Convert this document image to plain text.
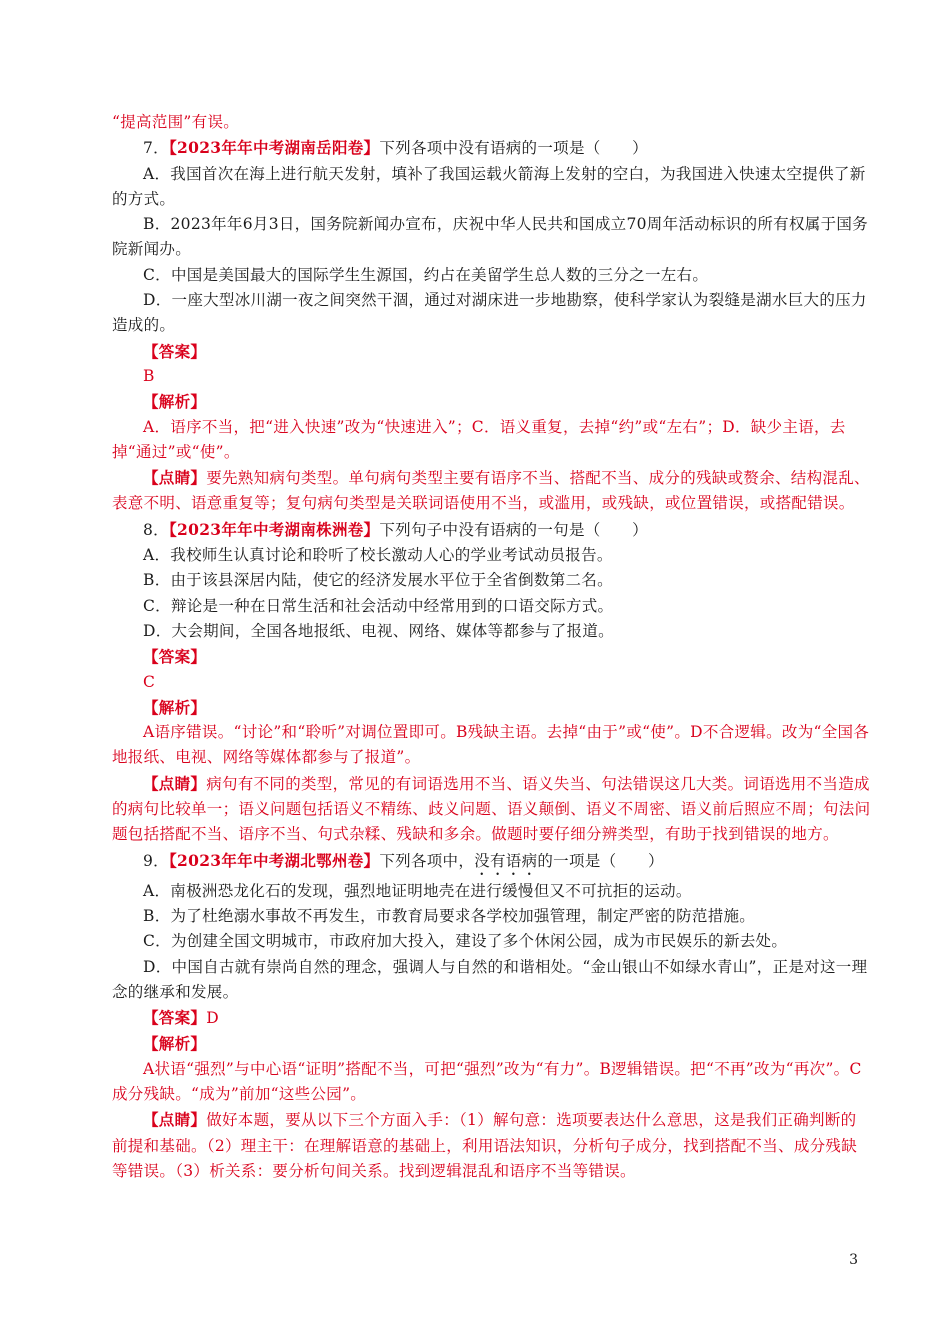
“提高范围”有误。

7．【2023年年中考湖南岳阳卷】下列各项中没有语病的一项是（　　）

A．我国首次在海上进行航天发射，填补了我国运载火箭海上发射的空白，为我国进入快速太空提供了新的方式。

B．2023年年6月3日，国务院新闻办宣布，庆祝中华人民共和国成立70周年活动标识的所有权属于国务院新闻办。

C．中国是美国最大的国际学生生源国，约占在美留学生总人数的三分之一左右。

D．一座大型冰川湖一夜之间突然干涸，通过对湖床进一步地勘察，使科学家认为裂缝是湖水巨大的压力造成的。

【答案】

B

【解析】

A．语序不当，把“进入快速”改为“快速进入”；C．语义重复，去掉“约”或“左右”；D．缺少主语，去掉“通过”或“使”。

【点睛】要先熟知病句类型。单句病句类型主要有语序不当、搭配不当、成分的残缺或赘余、结构混乱、表意不明、语意重复等；复句病句类型是关联词语使用不当，或滥用，或残缺，或位置错误，或搭配错误。

8．【2023年年中考湖南株洲卷】下列句子中没有语病的一句是（　　）

A．我校师生认真讨论和聆听了校长激动人心的学业考试动员报告。

B．由于该县深居内陆，使它的经济发展水平位于全省倒数第二名。

C．辩论是一种在日常生活和社会活动中经常用到的口语交际方式。

D．大会期间，全国各地报纸、电视、网络、媒体等都参与了报道。

【答案】

C

【解析】

A语序错误。“讨论”和“聆听”对调位置即可。B残缺主语。去掉“由于”或“使”。D不合逻辑。改为“全国各地报纸、电视、网络等媒体都参与了报道”。

【点睛】病句有不同的类型，常见的有词语选用不当、语义失当、句法错误这几大类。词语选用不当造成的病句比较单一；语义问题包括语义不精练、歧义问题、语义颠倒、语义不周密、语义前后照应不周；句法问题包括搭配不当、语序不当、句式杂糅、残缺和多余。做题时要仔细分辨类型，有助于找到错误的地方。

9．【2023年年中考湖北鄂州卷】下列各项中，没有语病的一项是（　　）

A．南极洲恐龙化石的发现，强烈地证明地壳在进行缓慢但又不可抗拒的运动。

B．为了杜绝溺水事故不再发生，市教育局要求各学校加强管理，制定严密的防范措施。

C．为创建全国文明城市，市政府加大投入，建设了多个休闲公园，成为市民娱乐的新去处。

D．中国自古就有崇尚自然的理念，强调人与自然的和谐相处。“金山银山不如绿水青山”，正是对这一理念的继承和发展。

【答案】D

【解析】

A状语“强烈”与中心语“证明”搭配不当，可把“强烈”改为“有力”。B逻辑错误。把“不再”改为“再次”。C成分残缺。“成为”前加“这些公园”。

【点睛】做好本题，要从以下三个方面入手：（1）解句意：选项要表达什么意思，这是我们正确判断的前提和基础。（2）理主干：在理解语意的基础上，利用语法知识，分析句子成分，找到搭配不当、成分残缺等错误。（3）析关系：要分析句间关系。找到逻辑混乱和语序不当等错误。

3
